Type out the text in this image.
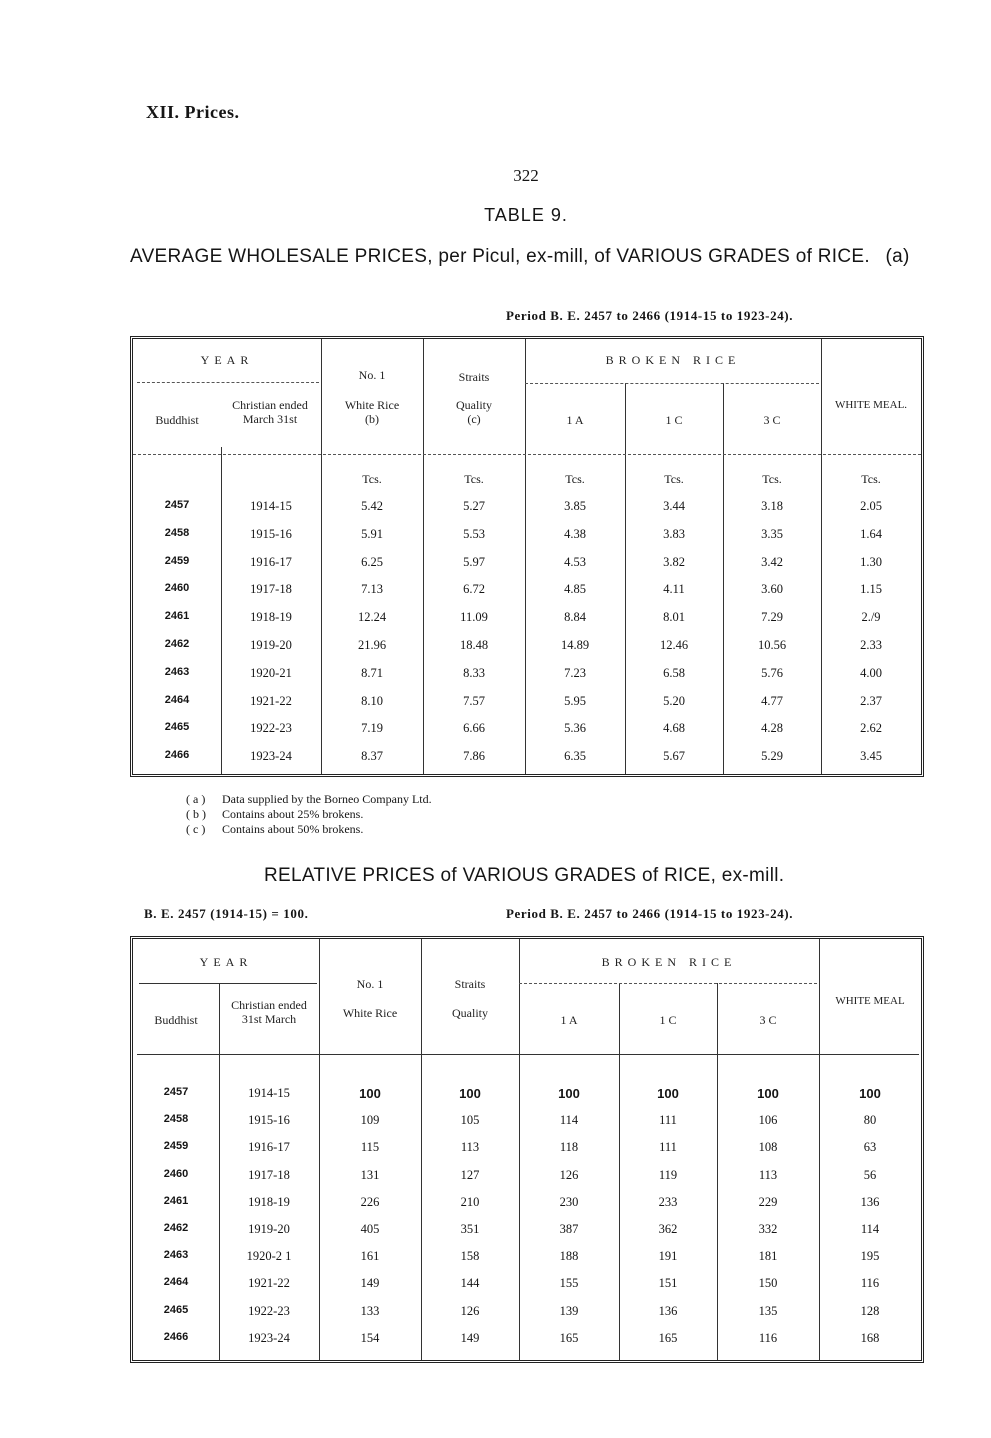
XII. Prices.
322
TABLE 9.
AVERAGE WHOLESALE PRICES, per Picul, ex-mill, of VARIOUS GRADES of RICE. (a)
Period B. E. 2457 to 2466 (1914-15 to 1923-24).
YEAR
Buddhist
Christian ended March 31st
No. 1
White Rice (b)
Straits
Quality (c)
BROKEN RICE
1 A	1 C	3 C
WHITE MEAL.
Tcs.	Tcs.	Tcs.	Tcs.	Tcs.	Tcs.
2457	1914-15	5.42	5.27	3.85	3.44	3.18	2.05
2458	1915-16	5.91	5.53	4.38	3.83	3.35	1.64
2459	1916-17	6.25	5.97	4.53	3.82	3.42	1.30
2460	1917-18	7.13	6.72	4.85	4.11	3.60	1.15
2461	1918-19	12.24	11.09	8.84	8.01	7.29	2./9
2462	1919-20	21.96	18.48	14.89	12.46	10.56	2.33
2463	1920-21	8.71	8.33	7.23	6.58	5.76	4.00
2464	1921-22	8.10	7.57	5.95	5.20	4.77	2.37
2465	1922-23	7.19	6.66	5.36	4.68	4.28	2.62
2466	1923-24	8.37	7.86	6.35	5.67	5.29	3.45
( a ) Data supplied by the Borneo Company Ltd.
( b ) Contains about 25% brokens.
( c ) Contains about 50% brokens.
RELATIVE PRICES of VARIOUS GRADES of RICE, ex-mill.
B. E. 2457 (1914-15) = 100.	Period B. E. 2457 to 2466 (1914-15 to 1923-24).
YEAR
Buddhist
Christian ended 31st March
No. 1
White Rice
Straits
Quality
BROKEN RICE
1 A	1 C	3 C
WHITE MEAL
2457	1914-15	100	100	100	100	100	100
2458	1915-16	109	105	114	111	106	80
2459	1916-17	115	113	118	111	108	63
2460	1917-18	131	127	126	119	113	56
2461	1918-19	226	210	230	233	229	136
2462	1919-20	405	351	387	362	332	114
2463	1920-2 1	161	158	188	191	181	195
2464	1921-22	149	144	155	151	150	116
2465	1922-23	133	126	139	136	135	128
2466	1923-24	154	149	165	165	116	168
